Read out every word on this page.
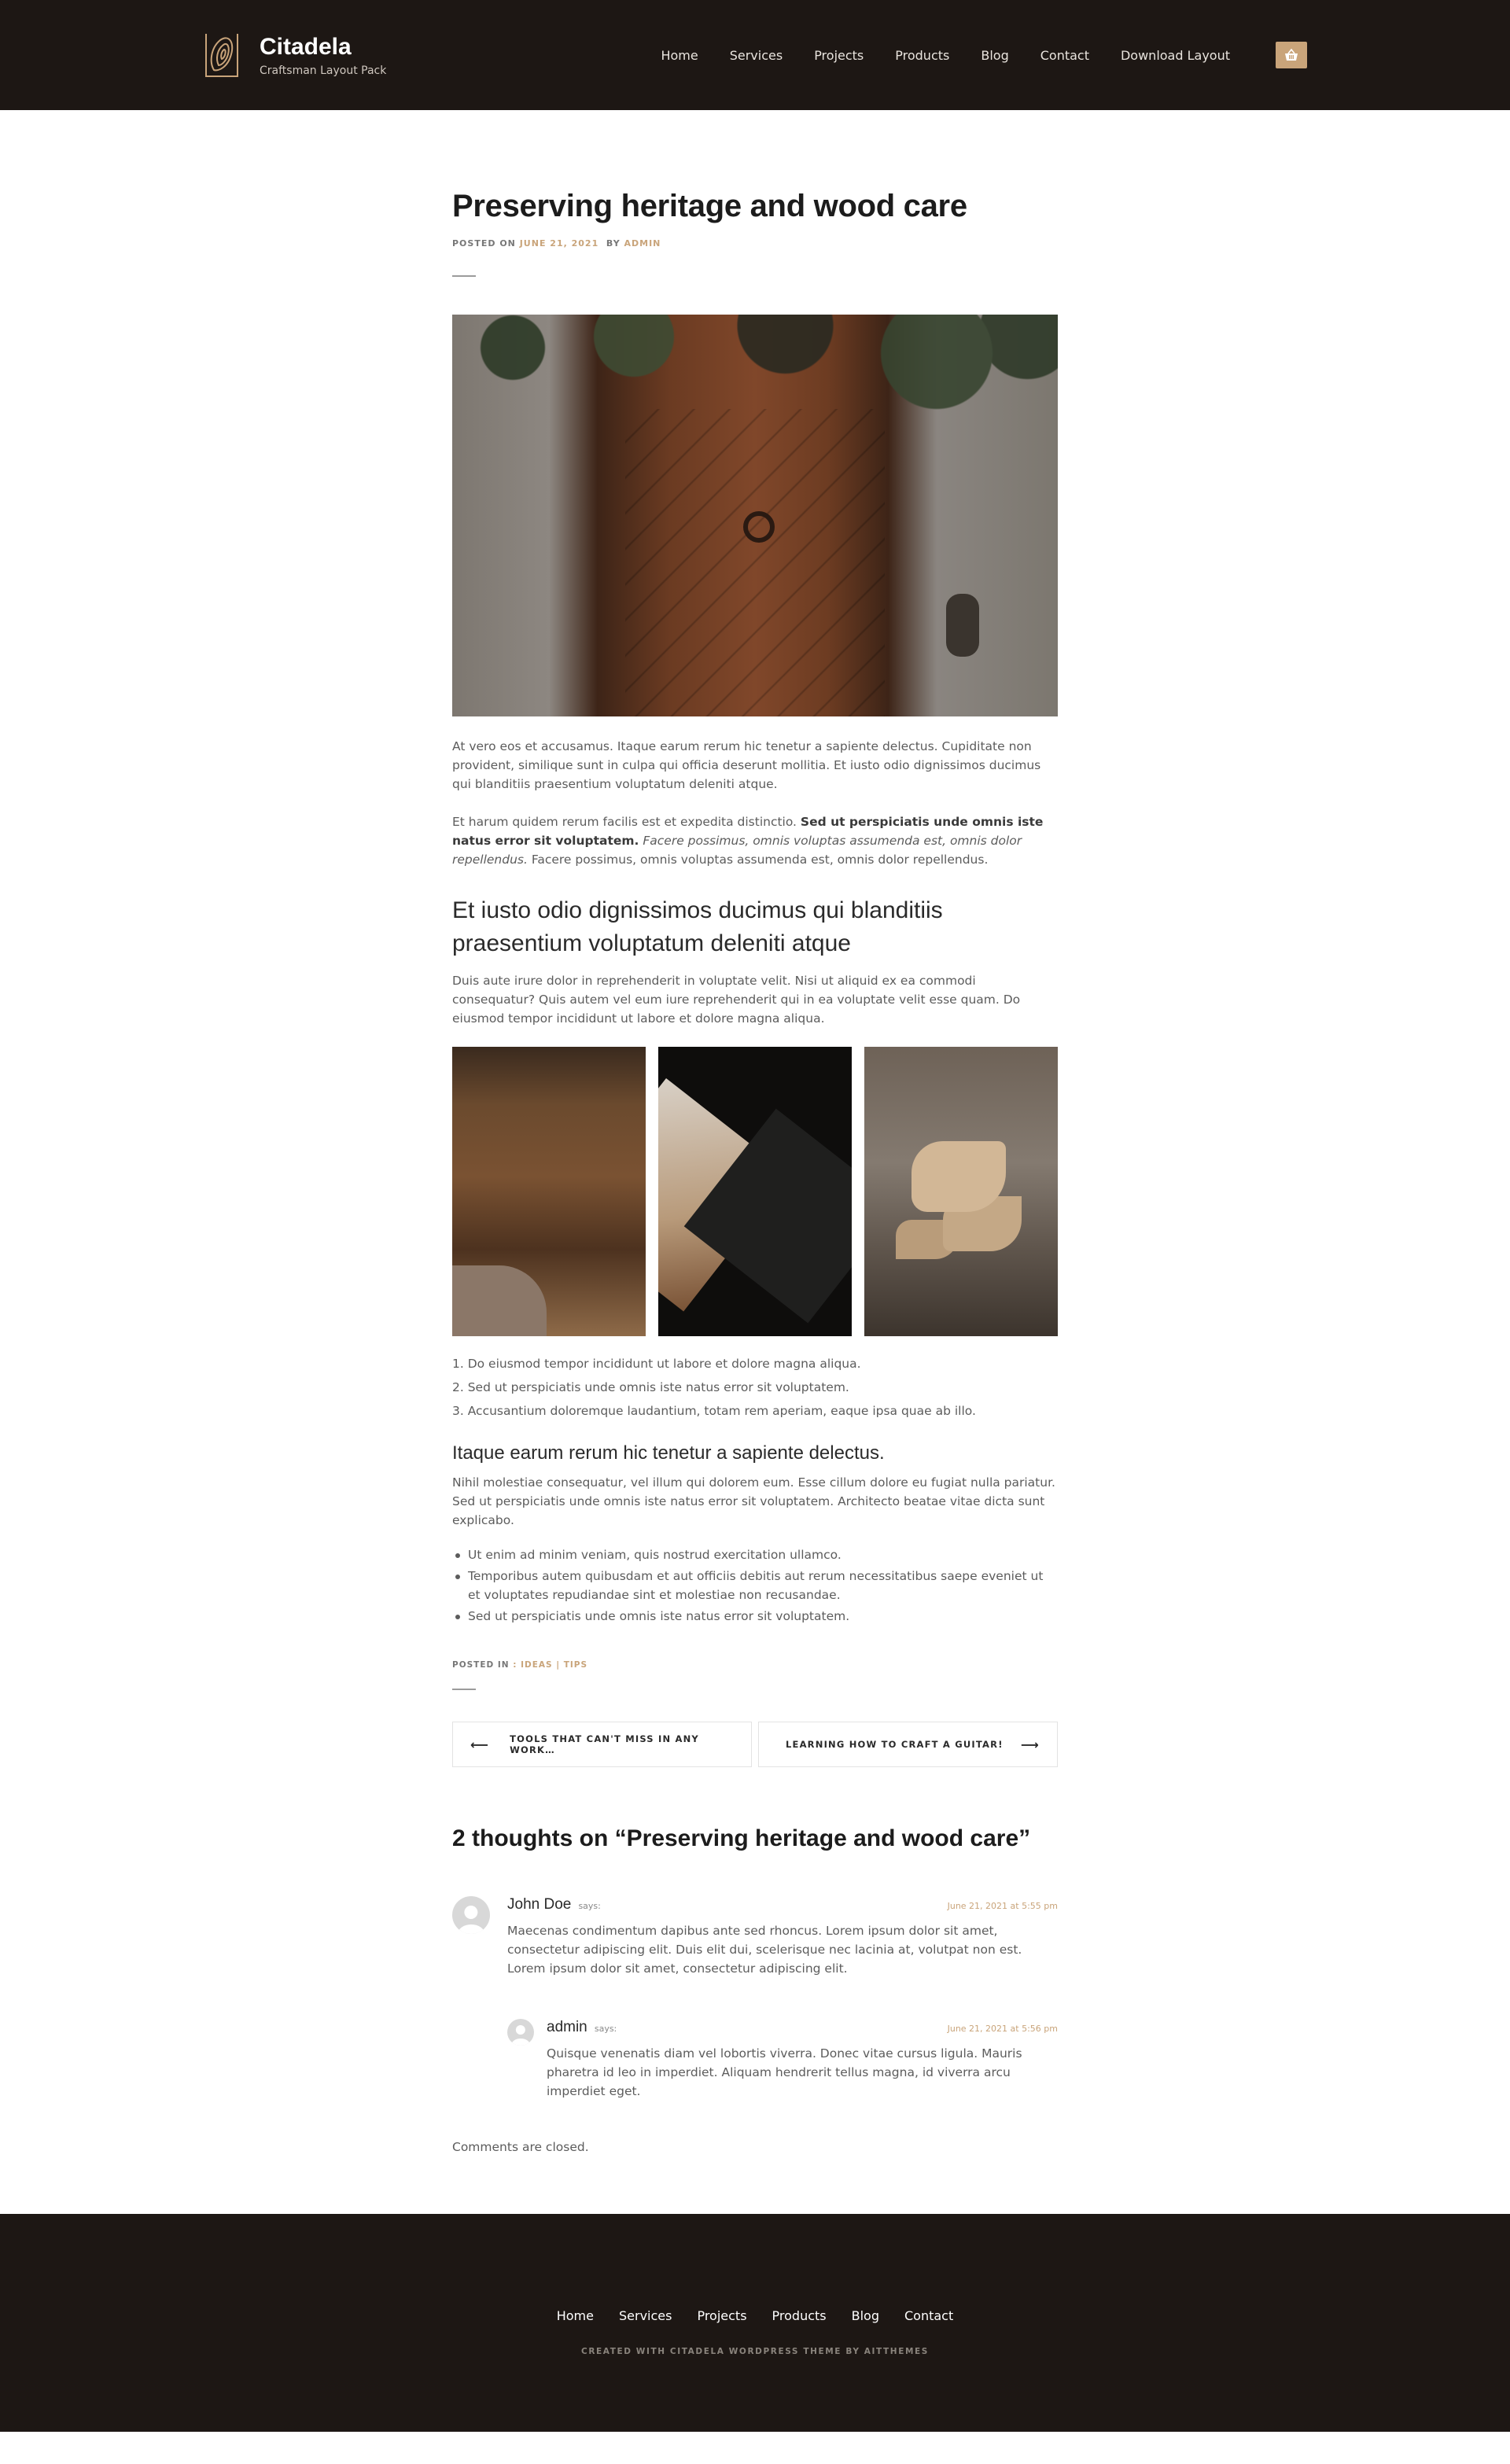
Citadela
Craftsman Layout Pack
Home	Services	Projects	Products	Blog	Contact	Download Layout
Preserving heritage and wood care
POSTED ON JUNE 21, 2021 BY ADMIN

At vero eos et accusamus. Itaque earum rerum hic tenetur a sapiente delectus. Cupiditate non provident, similique sunt in culpa qui officia deserunt mollitia. Et iusto odio dignissimos ducimus qui blanditiis praesentium voluptatum deleniti atque.

Et harum quidem rerum facilis est et expedita distinctio. Sed ut perspiciatis unde omnis iste natus error sit voluptatem. Facere possimus, omnis voluptas assumenda est, omnis dolor repellendus. Facere possimus, omnis voluptas assumenda est, omnis dolor repellendus.

Et iusto odio dignissimos ducimus qui blanditiis praesentium voluptatum deleniti atque

Duis aute irure dolor in reprehenderit in voluptate velit. Nisi ut aliquid ex ea commodi consequatur? Quis autem vel eum iure reprehenderit qui in ea voluptate velit esse quam. Do eiusmod tempor incididunt ut labore et dolore magna aliqua.

1. Do eiusmod tempor incididunt ut labore et dolore magna aliqua.
2. Sed ut perspiciatis unde omnis iste natus error sit voluptatem.
3. Accusantium doloremque laudantium, totam rem aperiam, eaque ipsa quae ab illo.
Itaque earum rerum hic tenetur a sapiente delectus.

Nihil molestiae consequatur, vel illum qui dolorem eum. Esse cillum dolore eu fugiat nulla pariatur. Sed ut perspiciatis unde omnis iste natus error sit voluptatem. Architecto beatae vitae dicta sunt explicabo.

Ut enim ad minim veniam, quis nostrud exercitation ullamco.
Temporibus autem quibusdam et aut officiis debitis aut rerum necessitatibus saepe eveniet ut et voluptates repudiandae sint et molestiae non recusandae.
Sed ut perspiciatis unde omnis iste natus error sit voluptatem.
POSTED IN : IDEAS | TIPS
⟵ TOOLS THAT CAN'T MISS IN ANY WORK…	LEARNING HOW TO CRAFT A GUITAR! ⟶
2 thoughts on “Preserving heritage and wood care”
John Doe says:	June 21, 2021 at 5:55 pm

Maecenas condimentum dapibus ante sed rhoncus. Lorem ipsum dolor sit amet, consectetur adipiscing elit. Duis elit dui, scelerisque nec lacinia at, volutpat non est. Lorem ipsum dolor sit amet, consectetur adipiscing elit.

admin says:	June 21, 2021 at 5:56 pm

Quisque venenatis diam vel lobortis viverra. Donec vitae cursus ligula. Mauris pharetra id leo in imperdiet. Aliquam hendrerit tellus magna, id viverra arcu imperdiet eget.

Comments are closed.

Home Services Projects Products Blog Contact
CREATED WITH CITADELA WORDPRESS THEME BY AITTHEMES
